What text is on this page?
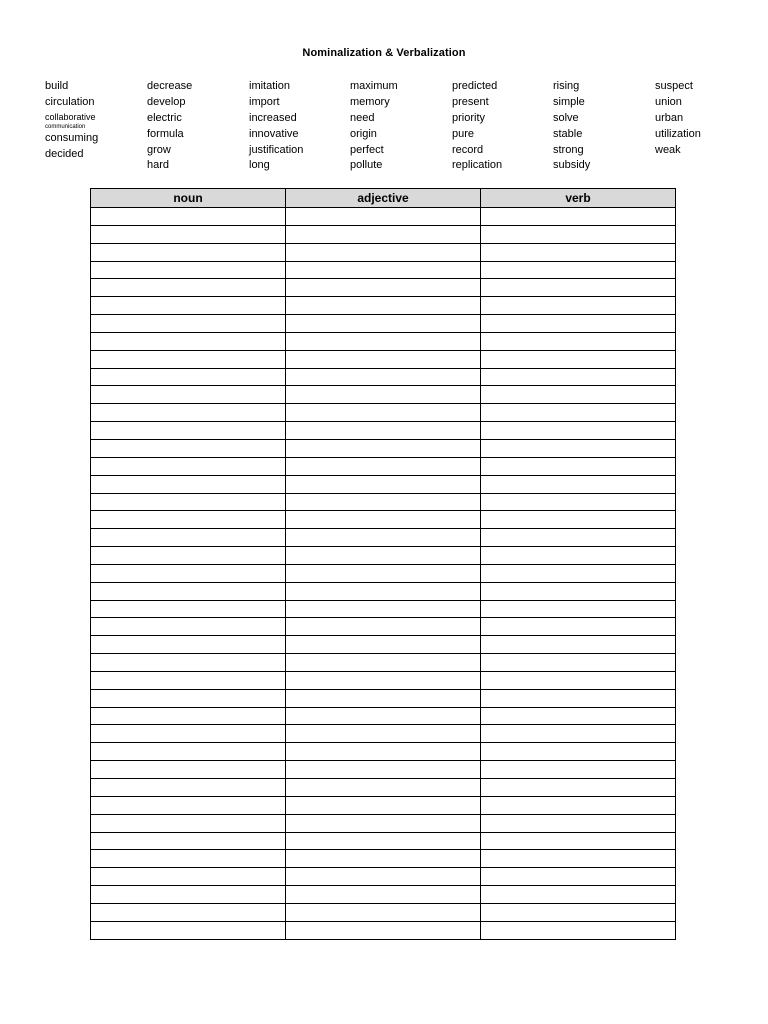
Nominalization & Verbalization
build
circulation
collaborative
communication
consuming
decided
decrease
develop
electric
formula
grow
hard
imitation
import
increased
innovative
justification
long
maximum
memory
need
origin
perfect
pollute
predicted
present
priority
pure
record
replication
rising
simple
solve
stable
strong
subsidy
suspect
union
urban
utilization
weak
noun	adjective	verb
